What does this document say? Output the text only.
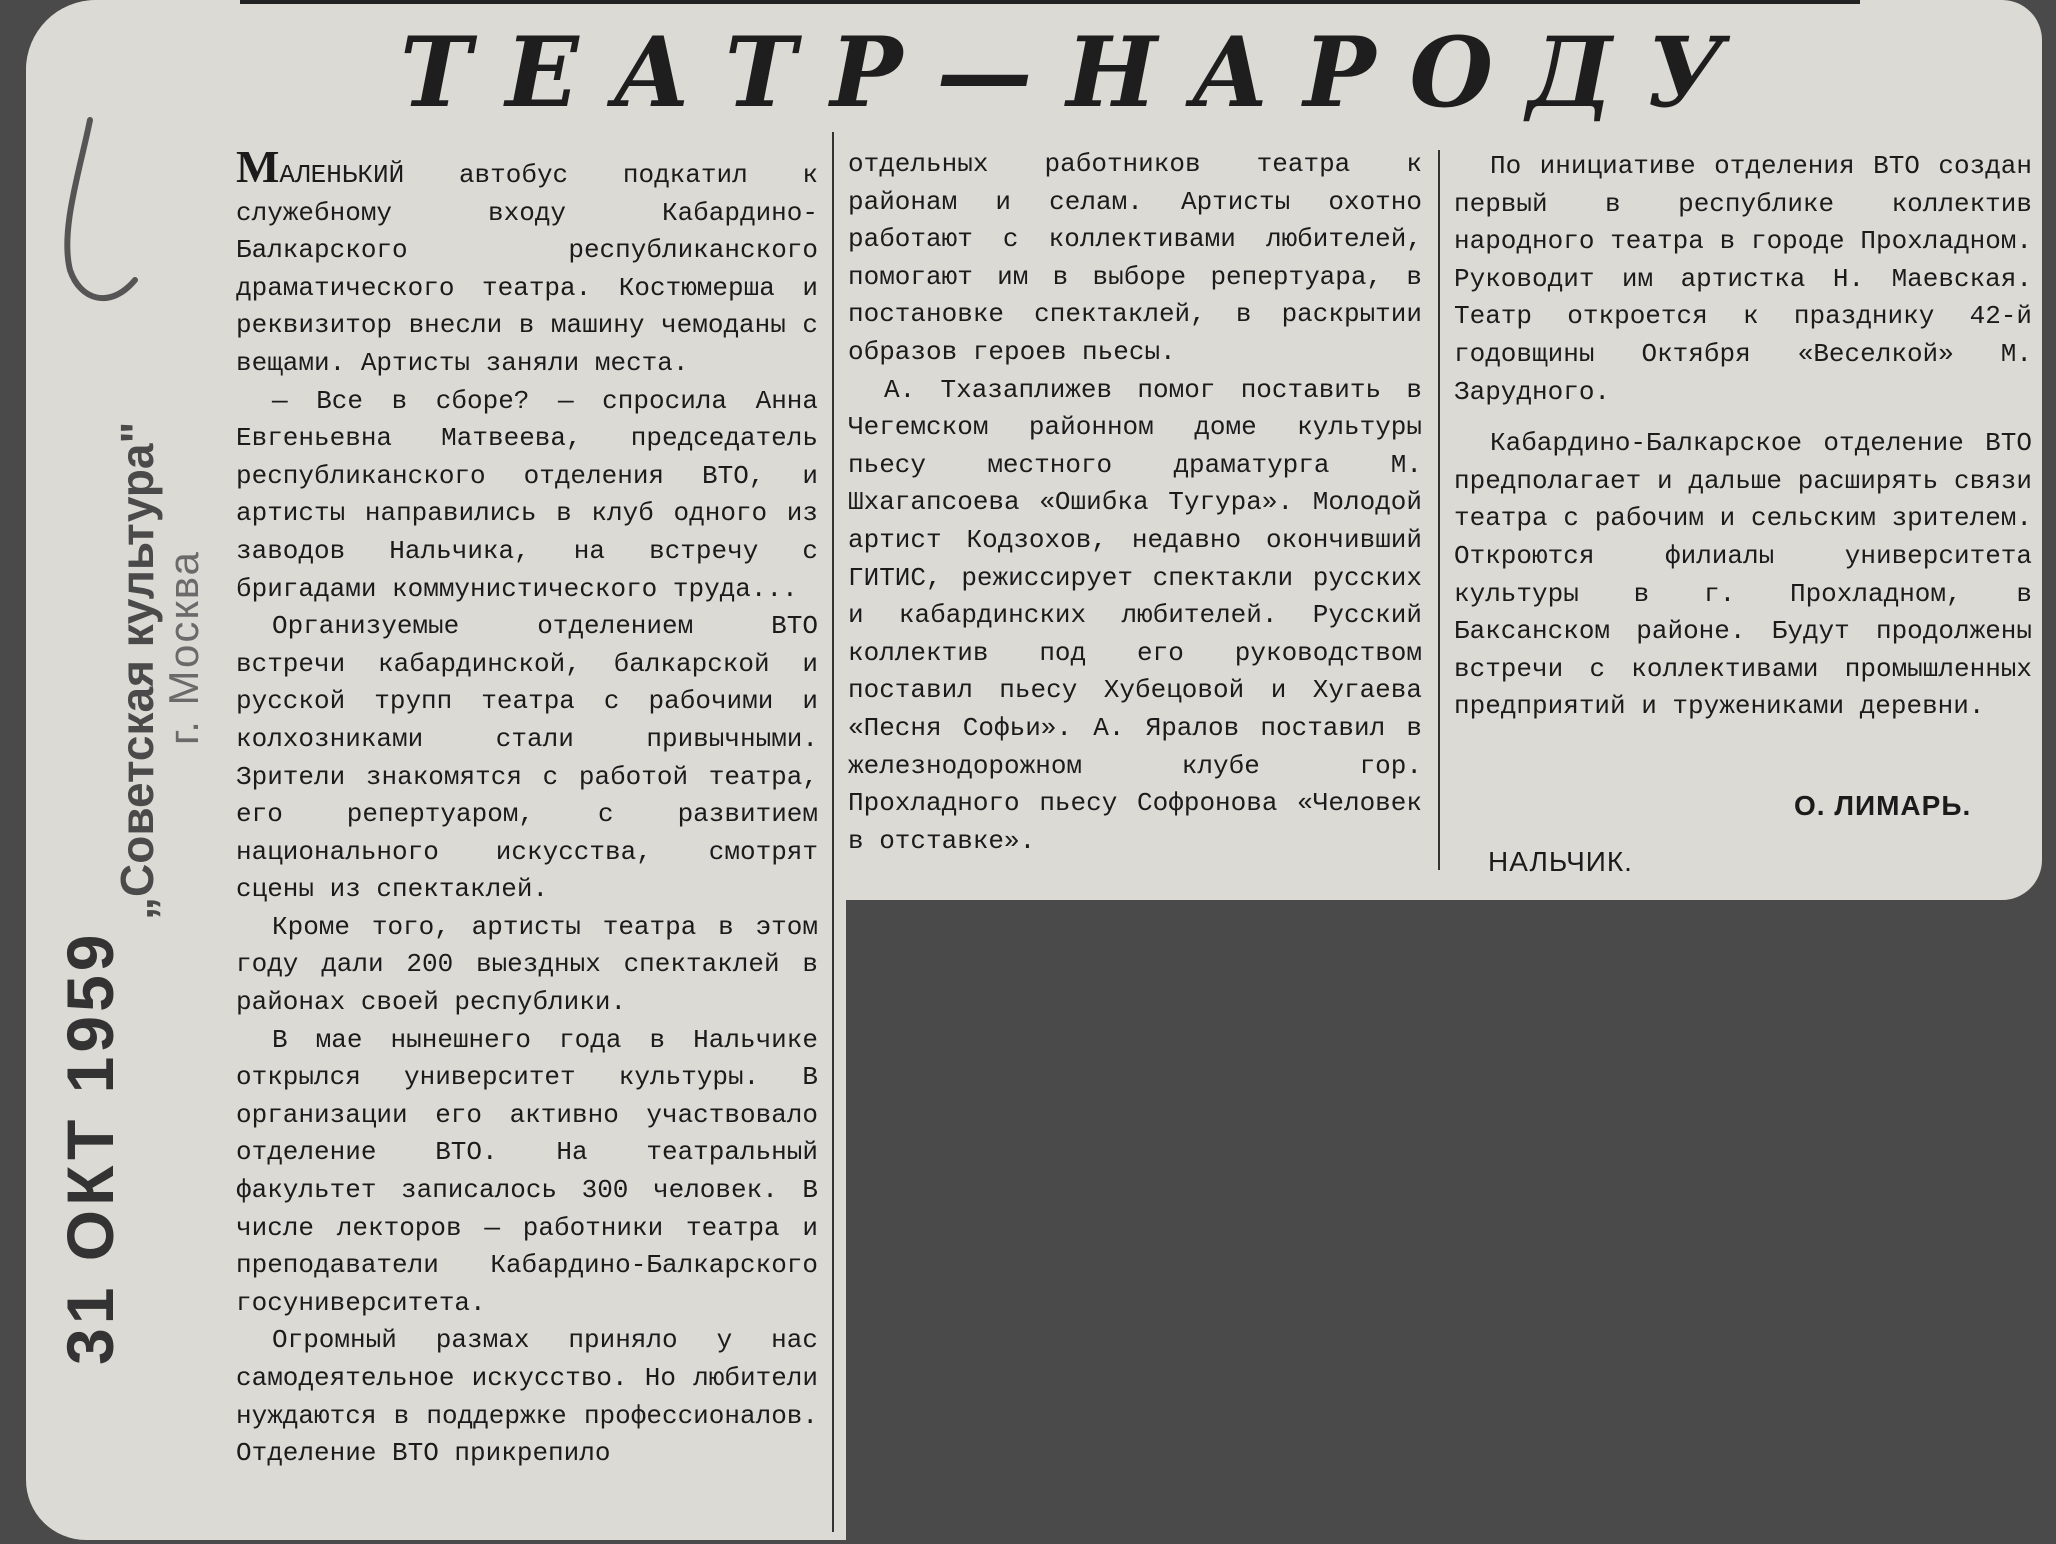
„Советская культура"
г. Москва
31 ОКТ 1959
ТЕАТР—НАРОДУ

МАЛЕНЬКИЙ автобус подкатил к служебному входу Кабардино-Балкарского республиканского драматического театра. Костюмерша и реквизитор внесли в машину чемоданы с вещами. Артисты заняли места.

— Все в сборе? — спросила Анна Евгеньевна Матвеева, председатель республиканского отделения ВТО, и артисты направились в клуб одного из заводов Нальчика, на встречу с бригадами коммунистического труда...

Организуемые отделением ВТО встречи кабардинской, балкарской и русской трупп театра с рабочими и колхозниками стали привычными. Зрители знакомятся с работой театра, его репертуаром, с развитием национального искусства, смотрят сцены из спектаклей.

Кроме того, артисты театра в этом году дали 200 выездных спектаклей в районах своей республики.

В мае нынешнего года в Нальчике открылся университет культуры. В организации его активно участвовало отделение ВТО. На театральный факультет записалось 300 человек. В числе лекторов — работники театра и преподаватели Кабардино-Балкарского госуниверситета.

Огромный размах приняло у нас самодеятельное искусство. Но любители нуждаются в поддержке профессионалов. Отделение ВТО прикрепило

отдельных работников театра к районам и селам. Артисты охотно работают с коллективами любителей, помогают им в выборе репертуара, в постановке спектаклей, в раскрытии образов героев пьесы.

А. Тхазаплижев помог поставить в Чегемском районном доме культуры пьесу местного драматурга М. Шхагапсоева «Ошибка Тугура». Молодой артист Кодзохов, недавно окончивший ГИТИС, режиссирует спектакли русских и кабардинских любителей. Русский коллектив под его руководством поставил пьесу Хубецовой и Хугаева «Песня Софьи». А. Яралов поставил в железнодорожном клубе гор. Прохладного пьесу Софронова «Человек в отставке».

По инициативе отделения ВТО создан первый в республике коллектив народного театра в городе Прохладном. Руководит им артистка Н. Маевская. Театр откроется к празднику 42-й годовщины Октября «Веселкой» М. Зарудного.

Кабардино-Балкарское отделение ВТО предполагает и дальше расширять связи театра с рабочим и сельским зрителем. Откроются филиалы университета культуры в г. Прохладном, в Баксанском районе. Будут продолжены встречи с коллективами промышленных предприятий и тружениками деревни.

О. ЛИМАРЬ.
НАЛЬЧИК.
